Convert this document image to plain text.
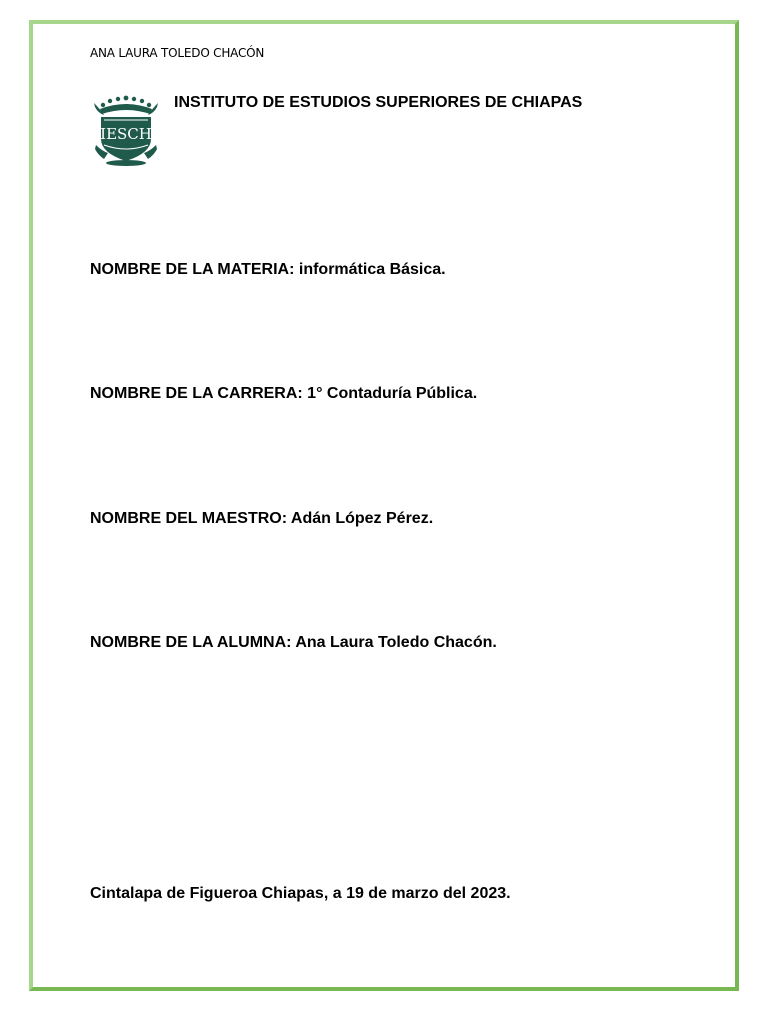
ANA LAURA TOLEDO CHACÓN
IESCH
INSTITUTO DE ESTUDIOS SUPERIORES DE CHIAPAS
NOMBRE DE LA MATERIA: informática Básica.
NOMBRE DE LA CARRERA: 1° Contaduría Pública.
NOMBRE DEL MAESTRO: Adán López Pérez.
NOMBRE DE LA ALUMNA: Ana Laura Toledo Chacón.
Cintalapa de Figueroa Chiapas, a 19 de marzo del 2023.
